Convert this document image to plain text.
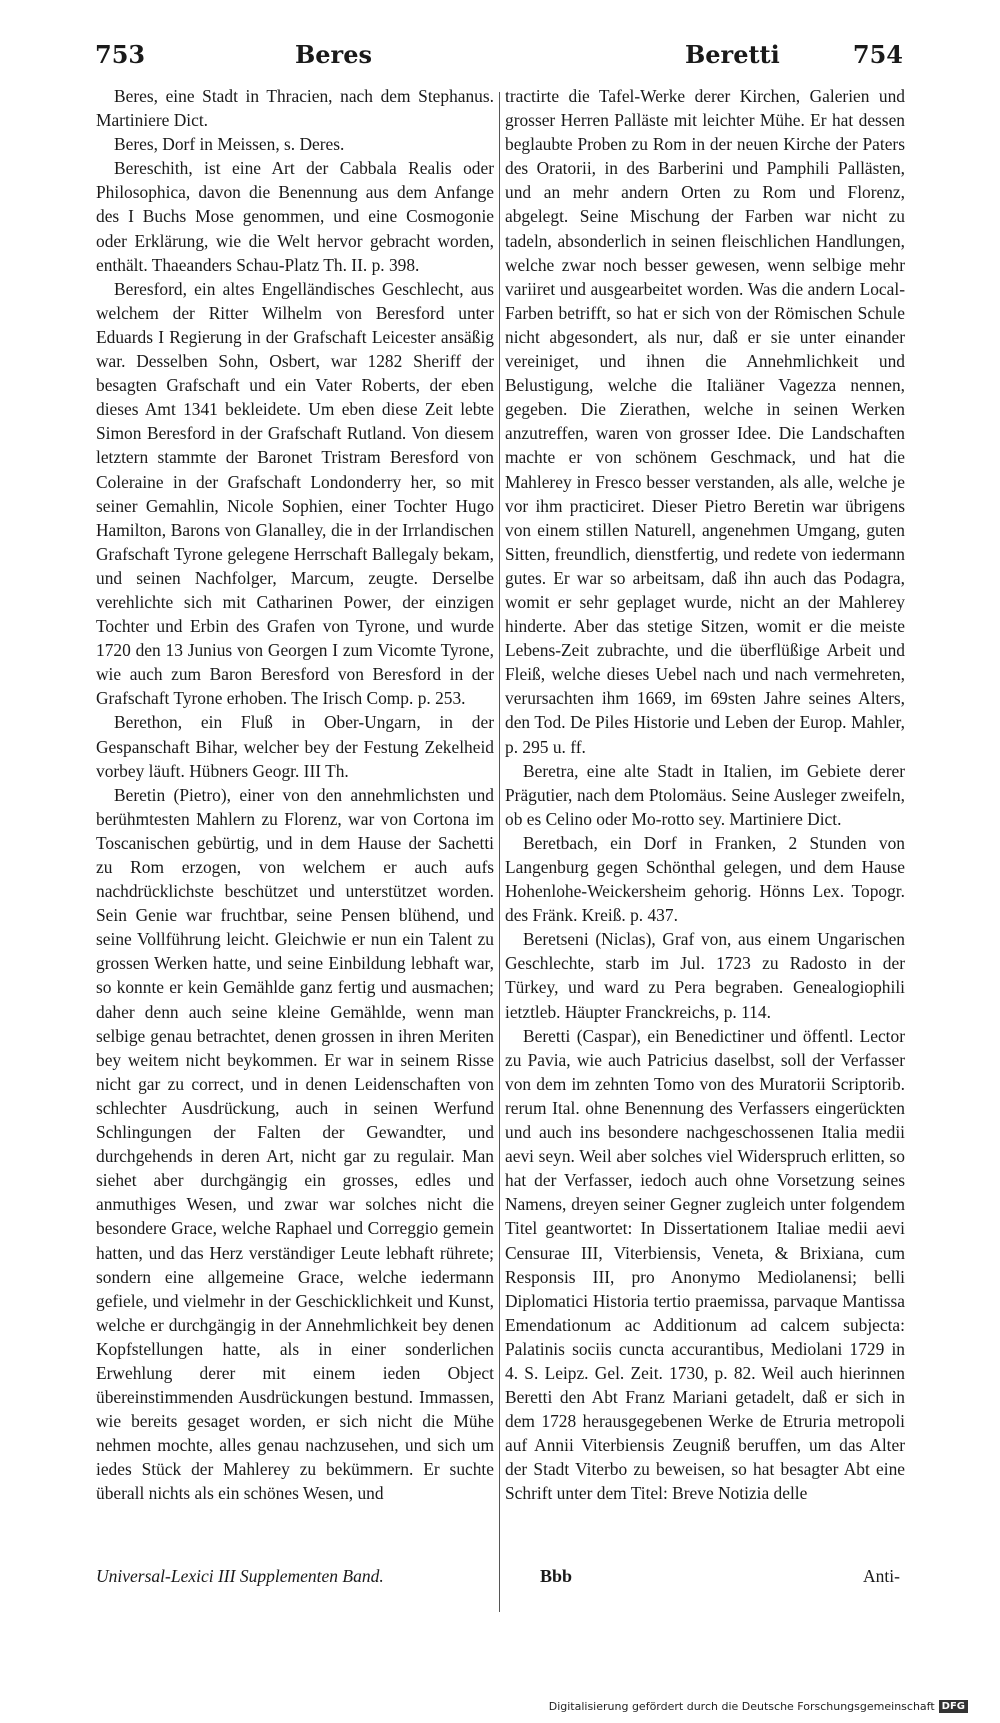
753	Beres	Beretti	754

Beres, eine Stadt in Thracien, nach dem Stephanus. Martiniere Dict.

Beres, Dorf in Meissen, s. Deres.

Bereschith, ist eine Art der Cabbala Realis oder Philosophica, davon die Benennung aus dem Anfange des I Buchs Mose genommen, und eine Cosmogonie oder Erklärung, wie die Welt hervor gebracht worden, enthält. Thaeanders Schau-Platz Th. II. p. 398.

Beresford, ein altes Engelländisches Geschlecht, aus welchem der Ritter Wilhelm von Beresford unter Eduards I Regierung in der Grafschaft Leicester ansäßig war. Desselben Sohn, Osbert, war 1282 Sheriff der besagten Grafschaft und ein Vater Roberts, der eben dieses Amt 1341 bekleidete. Um eben diese Zeit lebte Simon Beresford in der Grafschaft Rutland. Von diesem letztern stammte der Baronet Tristram Beresford von Coleraine in der Grafschaft Londonderry her, so mit seiner Gemahlin, Nicole Sophien, einer Tochter Hugo Hamilton, Barons von Glanalley, die in der Irrlandischen Grafschaft Tyrone gelegene Herrschaft Ballegaly bekam, und seinen Nachfolger, Marcum, zeugte. Derselbe verehlichte sich mit Catharinen Power, der einzigen Tochter und Erbin des Grafen von Tyrone, und wurde 1720 den 13 Junius von Georgen I zum Vicomte Tyrone, wie auch zum Baron Beresford von Beresford in der Grafschaft Tyrone erhoben. The Irisch Comp. p. 253.

Berethon, ein Fluß in Ober-Ungarn, in der Gespanschaft Bihar, welcher bey der Festung Zekelheid vorbey läuft. Hübners Geogr. III Th.

Beretin (Pietro), einer von den annehmlichsten und berühmtesten Mahlern zu Florenz, war von Cortona im Toscanischen gebürtig, und in dem Hause der Sachetti zu Rom erzogen, von welchem er auch aufs nachdrücklichste beschützet und unterstützet worden. Sein Genie war fruchtbar, seine Pensen blühend, und seine Vollführung leicht. Gleichwie er nun ein Talent zu grossen Werken hatte, und seine Einbildung lebhaft war, so konnte er kein Gemählde ganz fertig und ausmachen; daher denn auch seine kleine Gemählde, wenn man selbige genau betrachtet, denen grossen in ihren Meriten bey weitem nicht beykommen. Er war in seinem Risse nicht gar zu correct, und in denen Leidenschaften von schlechter Ausdrückung, auch in seinen Werfund Schlingungen der Falten der Gewandter, und durchgehends in deren Art, nicht gar zu regulair. Man siehet aber durchgängig ein grosses, edles und anmuthiges Wesen, und zwar war solches nicht die besondere Grace, welche Raphael und Correggio gemein hatten, und das Herz verständiger Leute lebhaft rührete; sondern eine allgemeine Grace, welche iedermann gefiele, und vielmehr in der Geschicklichkeit und Kunst, welche er durchgängig in der Annehmlichkeit bey denen Kopfstellungen hatte, als in einer sonderlichen Erwehlung derer mit einem ieden Object übereinstimmenden Ausdrückungen bestund. Immassen, wie bereits gesaget worden, er sich nicht die Mühe nehmen mochte, alles genau nachzusehen, und sich um iedes Stück der Mahlerey zu bekümmern. Er suchte überall nichts als ein schönes Wesen, und

tractirte die Tafel-Werke derer Kirchen, Galerien und grosser Herren Palläste mit leichter Mühe. Er hat dessen beglaubte Proben zu Rom in der neuen Kirche der Paters des Oratorii, in des Barberini und Pamphili Pallästen, und an mehr andern Orten zu Rom und Florenz, abgelegt. Seine Mischung der Farben war nicht zu tadeln, absonderlich in seinen fleischlichen Handlungen, welche zwar noch besser gewesen, wenn selbige mehr variiret und ausgearbeitet worden. Was die andern Local-Farben betrifft, so hat er sich von der Römischen Schule nicht abgesondert, als nur, daß er sie unter einander vereiniget, und ihnen die Annehmlichkeit und Belustigung, welche die Italiäner Vagezza nennen, gegeben. Die Zierathen, welche in seinen Werken anzutreffen, waren von grosser Idee. Die Landschaften machte er von schönem Geschmack, und hat die Mahlerey in Fresco besser verstanden, als alle, welche je vor ihm practiciret. Dieser Pietro Beretin war übrigens von einem stillen Naturell, angenehmen Umgang, guten Sitten, freundlich, dienstfertig, und redete von iedermann gutes. Er war so arbeitsam, daß ihn auch das Podagra, womit er sehr geplaget wurde, nicht an der Mahlerey hinderte. Aber das stetige Sitzen, womit er die meiste Lebens-Zeit zubrachte, und die überflüßige Arbeit und Fleiß, welche dieses Uebel nach und nach vermehreten, verursachten ihm 1669, im 69sten Jahre seines Alters, den Tod. De Piles Historie und Leben der Europ. Mahler, p. 295 u. ff.

Beretra, eine alte Stadt in Italien, im Gebiete derer Prägutier, nach dem Ptolomäus. Seine Ausleger zweifeln, ob es Celino oder Mo-rotto sey. Martiniere Dict.

Beretbach, ein Dorf in Franken, 2 Stunden von Langenburg gegen Schönthal gelegen, und dem Hause Hohenlohe-Weickersheim gehorig. Hönns Lex. Topogr. des Fränk. Kreiß. p. 437.

Beretseni (Niclas), Graf von, aus einem Ungarischen Geschlechte, starb im Jul. 1723 zu Radosto in der Türkey, und ward zu Pera begraben. Genealogiophili ietztleb. Häupter Franckreichs, p. 114.

Beretti (Caspar), ein Benedictiner und öffentl. Lector zu Pavia, wie auch Patricius daselbst, soll der Verfasser von dem im zehnten Tomo von des Muratorii Scriptorib. rerum Ital. ohne Benennung des Verfassers eingerückten und auch ins besondere nachgeschossenen Italia medii aevi seyn. Weil aber solches viel Widerspruch erlitten, so hat der Verfasser, iedoch auch ohne Vorsetzung seines Namens, dreyen seiner Gegner zugleich unter folgendem Titel geantwortet: In Dissertationem Italiae medii aevi Censurae III, Viterbiensis, Veneta, & Brixiana, cum Responsis III, pro Anonymo Mediolanensi; belli Diplomatici Historia tertio praemissa, parvaque Mantissa Emendationum ac Additionum ad calcem subjecta: Palatinis sociis cuncta accurantibus, Mediolani 1729 in 4. S. Leipz. Gel. Zeit. 1730, p. 82. Weil auch hierinnen Beretti den Abt Franz Mariani getadelt, daß er sich in dem 1728 herausgegebenen Werke de Etruria metropoli auf Annii Viterbiensis Zeugniß beruffen, um das Alter der Stadt Viterbo zu beweisen, so hat besagter Abt eine Schrift unter dem Titel: Breve Notizia delle

Universal-Lexici III Supplementen Band.	Bbb	Anti-
Digitalisierung gefördert durch die Deutsche Forschungsgemeinschaft DFG
